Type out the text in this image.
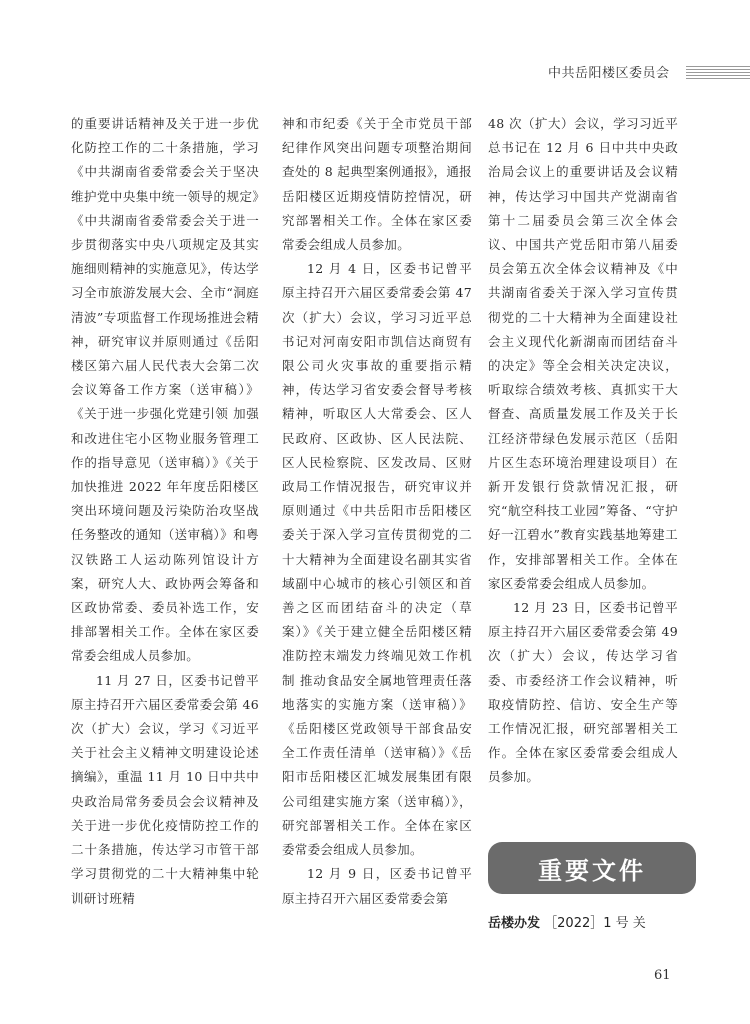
中共岳阳楼区委员会

的重要讲话精神及关于进一步优化防控工作的二十条措施，学习《中共湖南省委常委会关于坚决维护党中央集中统一领导的规定》《中共湖南省委常委会关于进一步贯彻落实中央八项规定及其实施细则精神的实施意见》，传达学习全市旅游发展大会、全市“洞庭清波”专项监督工作现场推进会精神，研究审议并原则通过《岳阳楼区第六届人民代表大会第二次会议筹备工作方案（送审稿）》《关于进一步强化党建引领 加强和改进住宅小区物业服务管理工作的指导意见（送审稿）》《关于加快推进 2022 年年度岳阳楼区突出环境问题及污染防治攻坚战任务整改的通知（送审稿）》和粤汉铁路工人运动陈列馆设计方案，研究人大、政协两会筹备和区政协常委、委员补选工作，安排部署相关工作。全体在家区委常委会组成人员参加。

11 月 27 日，区委书记曾平原主持召开六届区委常委会第 46 次（扩大）会议，学习《习近平关于社会主义精神文明建设论述摘编》，重温 11 月 10 日中共中央政治局常务委员会会议精神及关于进一步优化疫情防控工作的二十条措施，传达学习市管干部学习贯彻党的二十大精神集中轮训研讨班精

神和市纪委《关于全市党员干部纪律作风突出问题专项整治期间查处的 8 起典型案例通报》，通报岳阳楼区近期疫情防控情况，研究部署相关工作。全体在家区委常委会组成人员参加。

12 月 4 日，区委书记曾平原主持召开六届区委常委会第 47 次（扩大）会议，学习习近平总书记对河南安阳市凯信达商贸有限公司火灾事故的重要指示精神，传达学习省安委会督导考核精神，听取区人大常委会、区人民政府、区政协、区人民法院、区人民检察院、区发改局、区财政局工作情况报告，研究审议并原则通过《中共岳阳市岳阳楼区委关于深入学习宣传贯彻党的二十大精神为全面建设名副其实省域副中心城市的核心引领区和首善之区而团结奋斗的决定（草案）》《关于建立健全岳阳楼区精准防控末端发力终端见效工作机制 推动食品安全属地管理责任落地落实的实施方案（送审稿）》《岳阳楼区党政领导干部食品安全工作责任清单（送审稿）》《岳阳市岳阳楼区汇城发展集团有限公司组建实施方案（送审稿）》，研究部署相关工作。全体在家区委常委会组成人员参加。

12 月 9 日，区委书记曾平原主持召开六届区委常委会第

48 次（扩大）会议，学习习近平总书记在 12 月 6 日中共中央政治局会议上的重要讲话及会议精神，传达学习中国共产党湖南省第十二届委员会第三次全体会议、中国共产党岳阳市第八届委员会第五次全体会议精神及《中共湖南省委关于深入学习宣传贯彻党的二十大精神为全面建设社会主义现代化新湖南而团结奋斗的决定》等全会相关决定决议，听取综合绩效考核、真抓实干大督查、高质量发展工作及关于长江经济带绿色发展示范区（岳阳片区生态环境治理建设项目）在新开发银行贷款情况汇报，研究“航空科技工业园”筹备、“守护好一江碧水”教育实践基地筹建工作，安排部署相关工作。全体在家区委常委会组成人员参加。

12 月 23 日，区委书记曾平原主持召开六届区委常委会第 49 次（扩大）会议，传达学习省委、市委经济工作会议精神，听取疫情防控、信访、安全生产等工作情况汇报，研究部署相关工作。全体在家区委常委会组成人员参加。

重要文件
岳楼办发 ［2022］1 号 关
61
